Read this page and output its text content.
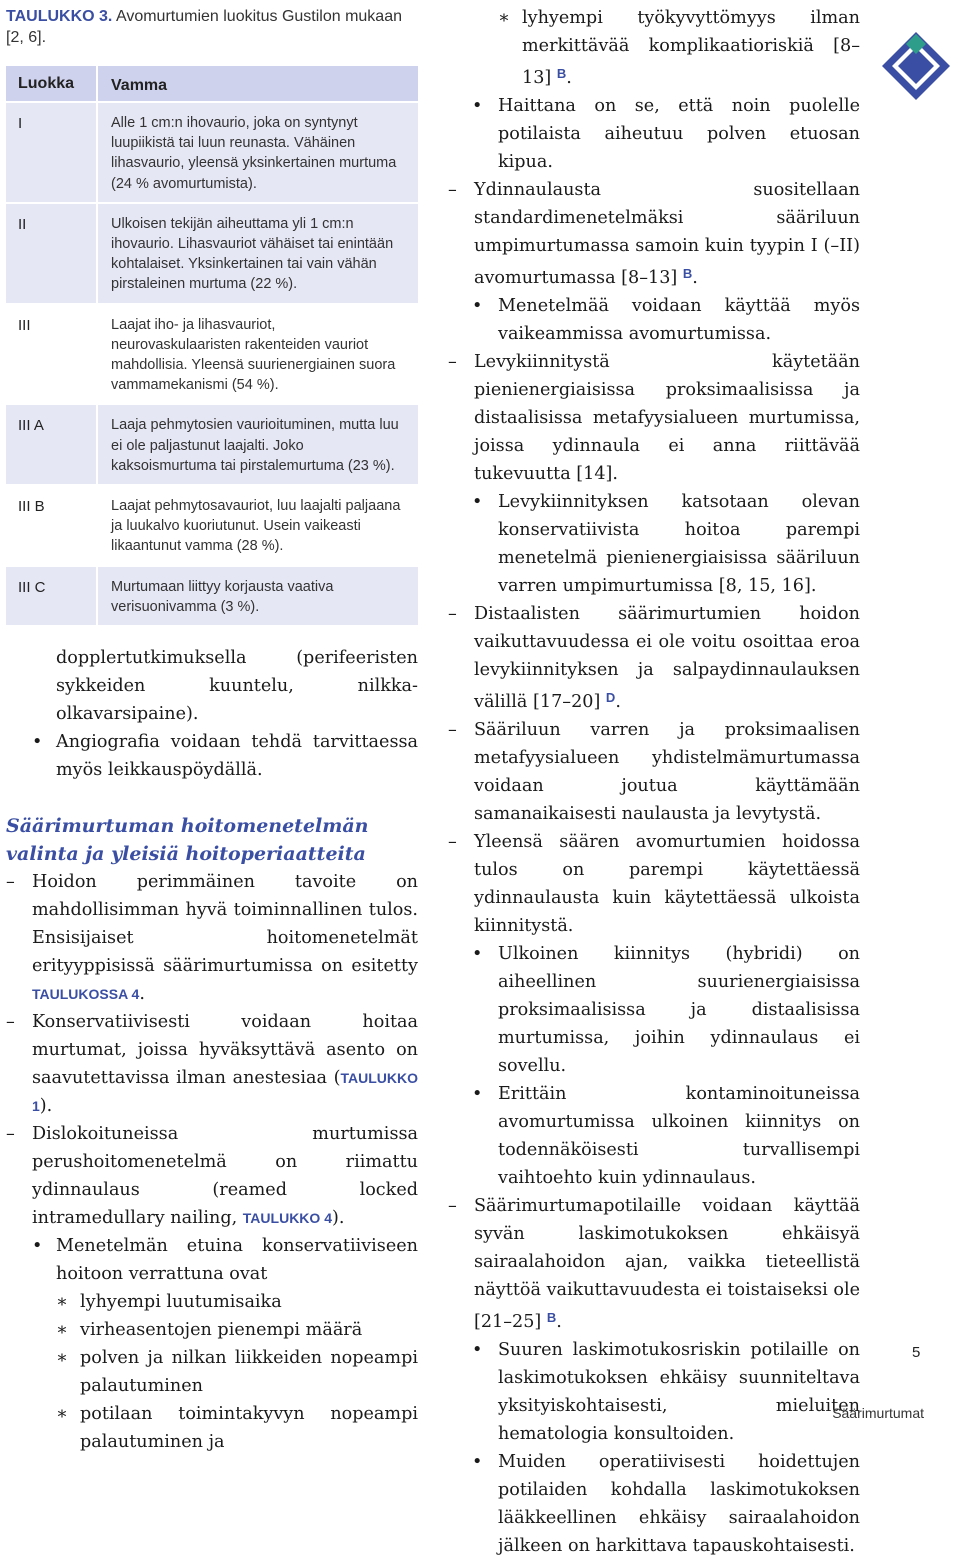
TAULUKKO 3. Avomurtumien luokitus Gustilon mukaan [2, 6].
Luokka	Vamma
I	Alle 1 cm:n ihovaurio, joka on syntynyt luupiikistä tai luun reunasta. Vähäinen lihasvaurio, yleensä yksinkertainen murtuma (24 % avomurtumista).
II	Ulkoisen tekijän aiheuttama yli 1 cm:n ihovaurio. Lihasvauriot vähäiset tai enintään kohtalaiset. Yksinkertainen tai vain vähän pirstaleinen murtuma (22 %).
III	Laajat iho- ja lihasvauriot, neurovaskulaaristen rakenteiden vauriot mahdollisia. Yleensä suurienergiainen suora vammamekanismi (54 %).
III A	Laaja pehmytosien vaurioituminen, mutta luu ei ole paljastunut laajalti. Joko kaksoismurtuma tai pirstalemurtuma (23 %).
III B	Laajat pehmytosavauriot, luu laajalti paljaana ja luukalvo kuoriutunut. Usein vaikeasti likaantunut vamma (28 %).
III C	Murtumaan liittyy korjausta vaativa verisuonivamma (3 %).

dopplertutkimuksella (perifeeristen sykkeiden kuuntelu, nilkka-olkavarsipaine).

• Angiografia voidaan tehdä tarvittaessa myös leikkauspöydällä.

Säärimurtuman hoitomenetelmän valinta ja yleisiä hoitoperiaatteita

– Hoidon perimmäinen tavoite on mahdollisimman hyvä toiminnallinen tulos. Ensisijaiset hoitomenetelmät erityyppisissä säärimurtumissa on esitetty TAULUKOSSA 4.

– Konservatiivisesti voidaan hoitaa murtumat, joissa hyväksyttävä asento on saavutettavissa ilman anestesiaa (TAULUKKO 1).

– Dislokoituneissa murtumissa perushoitomenetelmä on riimattu ydinnaulaus (reamed locked intramedullary nailing, TAULUKKO 4).

• Menetelmän etuina konservatiiviseen hoitoon verrattuna ovat

∗ lyhyempi luutumisaika

∗ virheasentojen pienempi määrä

∗ polven ja nilkan liikkeiden nopeampi palautuminen

∗ potilaan toimintakyvyn nopeampi palautuminen ja

∗ lyhyempi työkyvyttömyys ilman merkittävää komplikaatioriskiä [8–13] $^B$.

• Haittana on se, että noin puolelle potilaista aiheutuu polven etuosan kipua.

– Ydinnaulausta suositellaan standardimenetelmäksi sääriluun umpimurtumassa samoin kuin tyypin I (–II) avomurtumassa [8–13] $^B$.

• Menetelmää voidaan käyttää myös vaikeammissa avomurtumissa.

– Levykiinnitystä käytetään pienienergiaisissa proksimaalisissa ja distaalisissa metafyysialueen murtumissa, joissa ydinnaula ei anna riittävää tukevuutta [14].

• Levykiinnityksen katsotaan olevan konservatiivista hoitoa parempi menetelmä pienienergiaisissa sääriluun varren umpimurtumissa [8, 15, 16].

– Distaalisten säärimurtumien hoidon vaikuttavuudessa ei ole voitu osoittaa eroa levykiinnityksen ja salpaydinnaulauksen välillä [17–20] $^D$.

– Sääriluun varren ja proksimaalisen metafyysialueen yhdistelmämurtumassa voidaan joutua käyttämään samanaikaisesti naulausta ja levytystä.

– Yleensä säären avomurtumien hoidossa tulos on parempi käytettäessä ydinnaulausta kuin käytettäessä ulkoista kiinnitystä.

• Ulkoinen kiinnitys (hybridi) on aiheellinen suurienergiaisissa proksimaalisissa ja distaalisissa murtumissa, joihin ydinnaulaus ei sovellu.

• Erittäin kontaminoituneissa avomurtumissa ulkoinen kiinnitys on todennäköisesti turvallisempi vaihtoehto kuin ydinnaulaus.

– Säärimurtumapotilaille voidaan käyttää syvän laskimotukoksen ehkäisyä sairaalahoidon ajan, vaikka tieteellistä näyttöä vaikuttavuudesta ei toistaiseksi ole [21–25] $^B$.

• Suuren laskimotukosriskin potilaille on laskimotukoksen ehkäisy suunniteltava yksityiskohtaisesti, mieluiten hematologia konsultoiden.

• Muiden operatiivisesti hoidettujen potilaiden kohdalla laskimotukoksen lääkkeellinen ehkäisy sairaalahoidon jälkeen on harkittava tapauskohtaisesti.

5
Säärimurtumat
